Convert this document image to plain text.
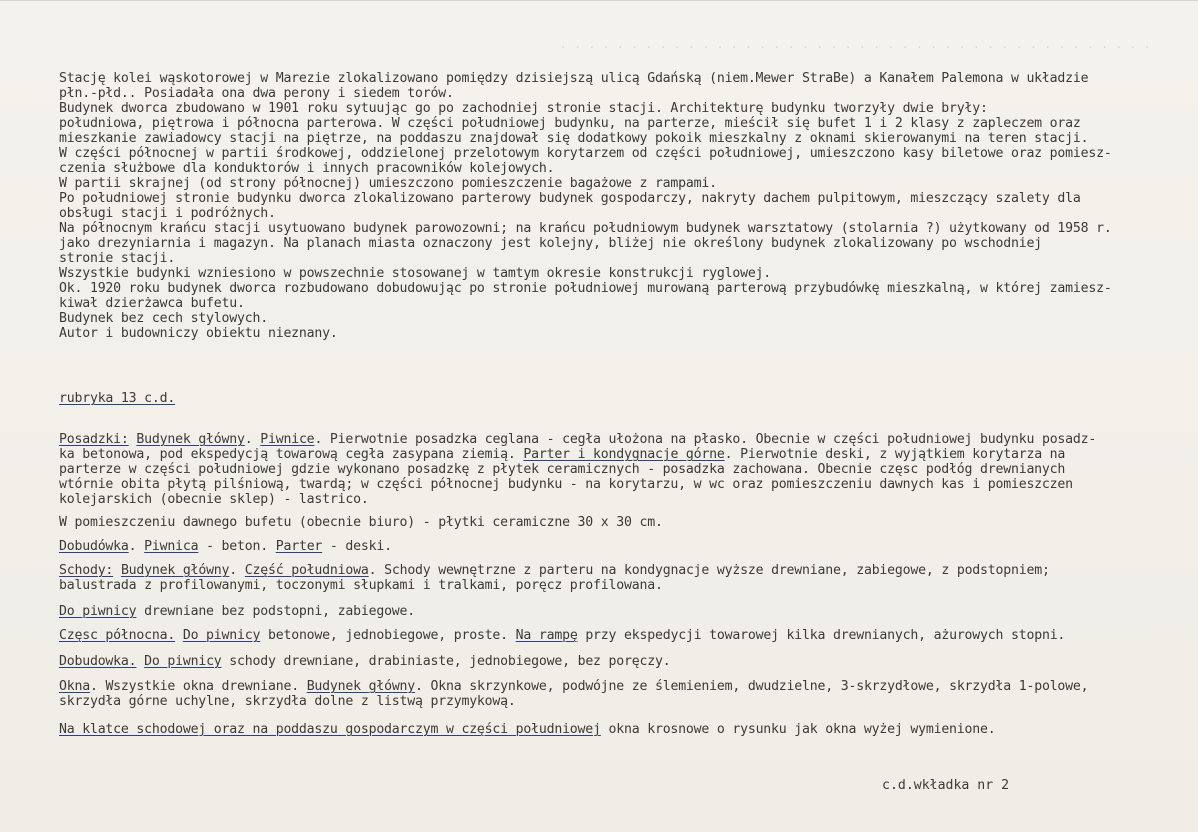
· · · · · · · · · · · · · · · · · · · · · · · · · · · · · · · · · · · · · · · · · ·
Stację kolei wąskotorowej w Marezie zlokalizowano pomiędzy dzisiejszą ulicą Gdańską (niem.Mewer StraBe) a Kanałem Palemona w układzie
płn.-płd.. Posiadała ona dwa perony i siedem torów.
Budynek dworca zbudowano w 1901 roku sytuując go po zachodniej stronie stacji. Architekturę budynku tworzyły dwie bryły:
południowa, piętrowa i północna parterowa. W części południowej budynku, na parterze, mieścił się bufet 1 i 2 klasy z zapleczem oraz
mieszkanie zawiadowcy stacji na piętrze, na poddaszu znajdował się dodatkowy pokoik mieszkalny z oknami skierowanymi na teren stacji.
W części północnej w partii środkowej, oddzielonej przelotowym korytarzem od części południowej, umieszczono kasy biletowe oraz pomiesz-
czenia służbowe dla konduktorów i innych pracowników kolejowych.
W partii skrajnej (od strony północnej) umieszczono pomieszczenie bagażowe z rampami.
Po południowej stronie budynku dworca zlokalizowano parterowy budynek gospodarczy, nakryty dachem pulpitowym, mieszczący szalety dla
obsługi stacji i podróżnych.
Na północnym krańcu stacji usytuowano budynek parowozowni; na krańcu południowym budynek warsztatowy (stolarnia ?) użytkowany od 1958 r.
jako drezyniarnia i magazyn. Na planach miasta oznaczony jest kolejny, bliżej nie określony budynek zlokalizowany po wschodniej
stronie stacji.
Wszystkie budynki wzniesiono w powszechnie stosowanej w tamtym okresie konstrukcji ryglowej.
Ok. 1920 roku budynek dworca rozbudowano dobudowując po stronie południowej murowaną parterową przybudówkę mieszkalną, w której zamiesz-
kiwał dzierżawca bufetu.
Budynek bez cech stylowych.
Autor i budowniczy obiektu nieznany.
rubryka 13 c.d.
Posadzki: Budynek główny. Piwnice. Pierwotnie posadzka ceglana - cegła ułożona na płasko. Obecnie w części południowej budynku posadz-
ka betonowa, pod ekspedycją towarową cegła zasypana ziemią. Parter i kondygnacje górne. Pierwotnie deski, z wyjątkiem korytarza na
parterze w części południowej gdzie wykonano posadzkę z płytek ceramicznych - posadzka zachowana. Obecnie częsc podłóg drewnianych
wtórnie obita płytą pilśniową, twardą; w części północnej budynku - na korytarzu, w wc oraz pomieszczeniu dawnych kas i pomieszczen
kolejarskich (obecnie sklep) - lastrico.
W pomieszczeniu dawnego bufetu (obecnie biuro) - płytki ceramiczne 30 x 30 cm.
Dobudówka. Piwnica - beton. Parter - deski.
Schody: Budynek główny. Część południowa. Schody wewnętrzne z parteru na kondygnacje wyższe drewniane, zabiegowe, z podstopniem;
balustrada z profilowanymi, toczonymi słupkami i tralkami, poręcz profilowana.
Do piwnicy drewniane bez podstopni, zabiegowe.
Częsc północna. Do piwnicy betonowe, jednobiegowe, proste. Na rampę przy ekspedycji towarowej kilka drewnianych, ażurowych stopni.
Dobudowka. Do piwnicy schody drewniane, drabiniaste, jednobiegowe, bez poręczy.
Okna. Wszystkie okna drewniane. Budynek główny. Okna skrzynkowe, podwójne ze ślemieniem, dwudzielne, 3-skrzydłowe, skrzydła 1-polowe,
skrzydła górne uchylne, skrzydła dolne z listwą przymykową.
Na klatce schodowej oraz na poddaszu gospodarczym w części południowej okna krosnowe o rysunku jak okna wyżej wymienione.
c.d.wkładka nr 2
